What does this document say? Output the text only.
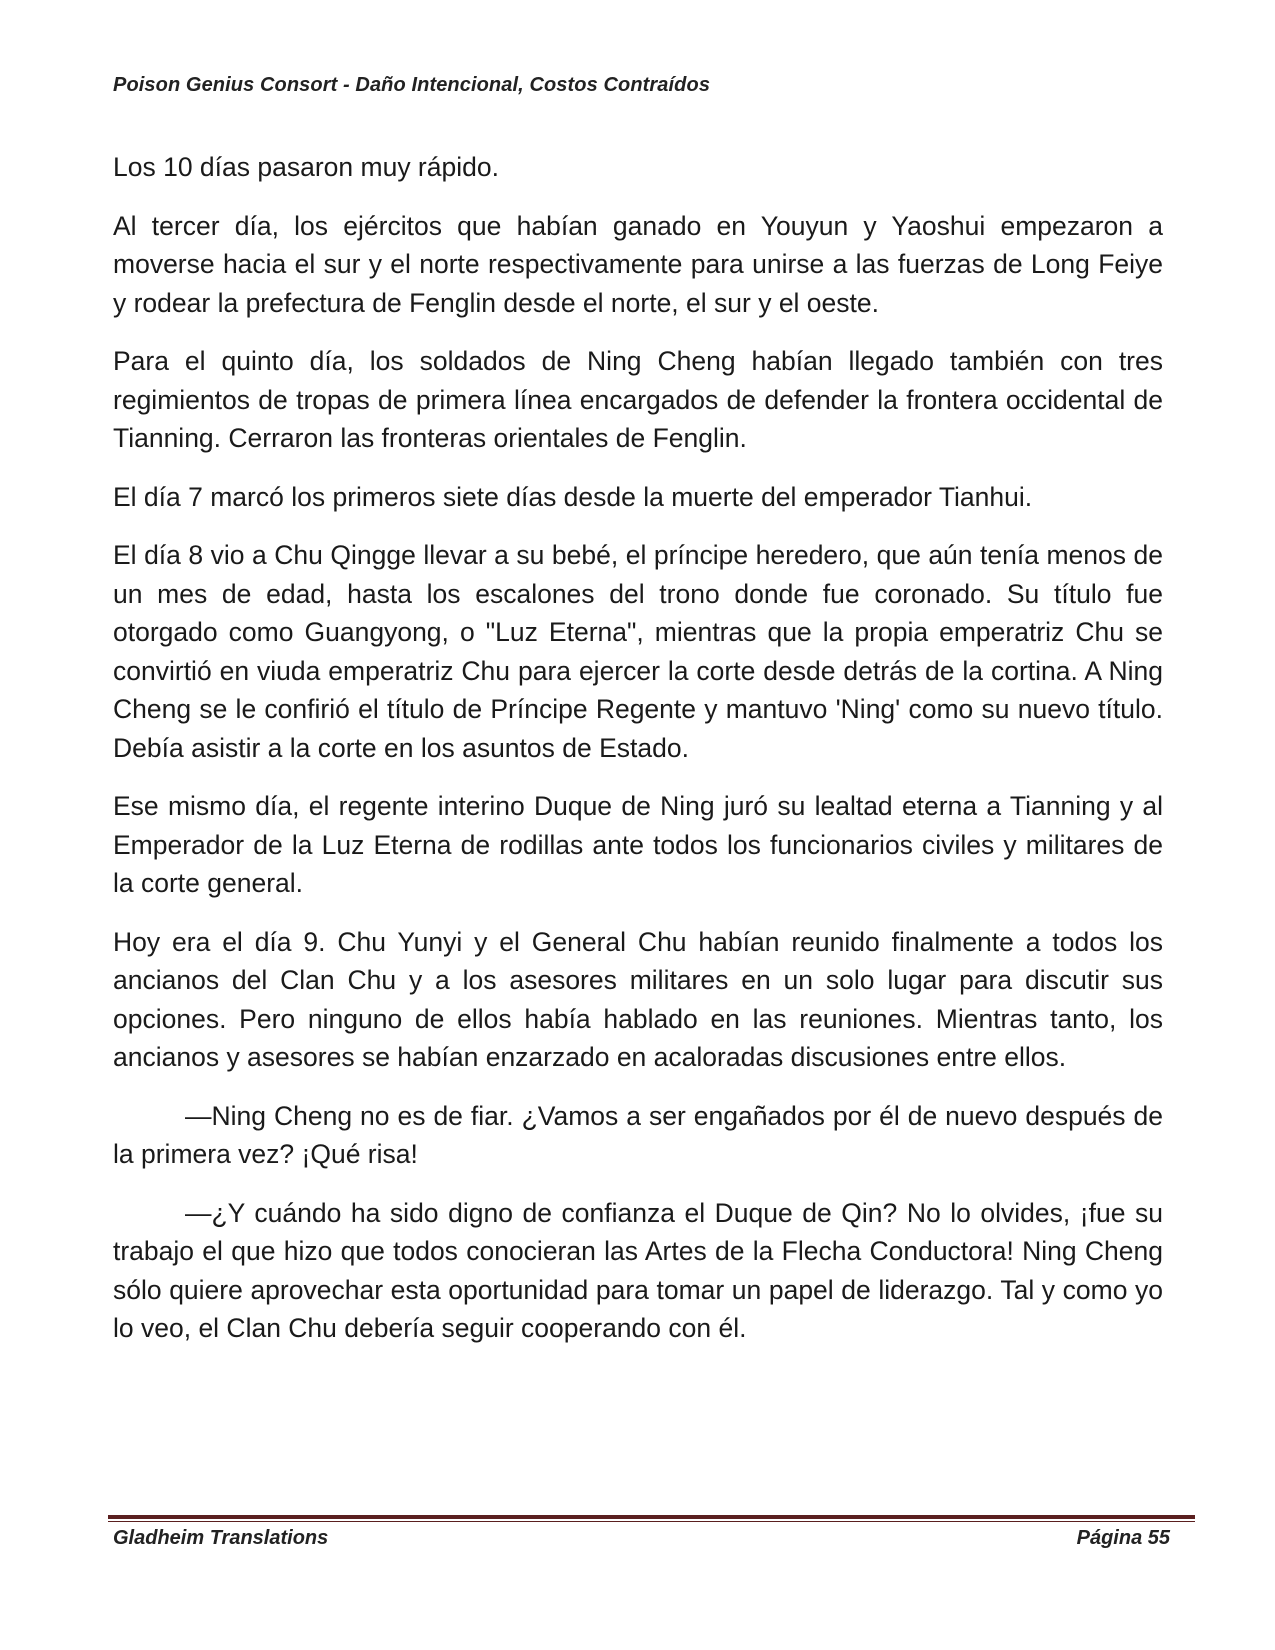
Poison Genius Consort - Daño Intencional, Costos Contraídos

Los 10 días pasaron muy rápido.

Al tercer día, los ejércitos que habían ganado en Youyun y Yaoshui empezaron a moverse hacia el sur y el norte respectivamente para unirse a las fuerzas de Long Feiye y rodear la prefectura de Fenglin desde el norte, el sur y el oeste.

Para el quinto día, los soldados de Ning Cheng habían llegado también con tres regimientos de tropas de primera línea encargados de defender la frontera occidental de Tianning. Cerraron las fronteras orientales de Fenglin.

El día 7 marcó los primeros siete días desde la muerte del emperador Tianhui.

El día 8 vio a Chu Qingge llevar a su bebé, el príncipe heredero, que aún tenía menos de un mes de edad, hasta los escalones del trono donde fue coronado. Su título fue otorgado como Guangyong, o "Luz Eterna", mientras que la propia emperatriz Chu se convirtió en viuda emperatriz Chu para ejercer la corte desde detrás de la cortina. A Ning Cheng se le confirió el título de Príncipe Regente y mantuvo 'Ning' como su nuevo título. Debía asistir a la corte en los asuntos de Estado.

Ese mismo día, el regente interino Duque de Ning juró su lealtad eterna a Tianning y al Emperador de la Luz Eterna de rodillas ante todos los funcionarios civiles y militares de la corte general.

Hoy era el día 9. Chu Yunyi y el General Chu habían reunido finalmente a todos los ancianos del Clan Chu y a los asesores militares en un solo lugar para discutir sus opciones. Pero ninguno de ellos había hablado en las reuniones. Mientras tanto, los ancianos y asesores se habían enzarzado en acaloradas discusiones entre ellos.

—Ning Cheng no es de fiar. ¿Vamos a ser engañados por él de nuevo después de la primera vez? ¡Qué risa!

—¿Y cuándo ha sido digno de confianza el Duque de Qin? No lo olvides, ¡fue su trabajo el que hizo que todos conocieran las Artes de la Flecha Conductora! Ning Cheng sólo quiere aprovechar esta oportunidad para tomar un papel de liderazgo. Tal y como yo lo veo, el Clan Chu debería seguir cooperando con él.

Gladheim Translations	Página 55
